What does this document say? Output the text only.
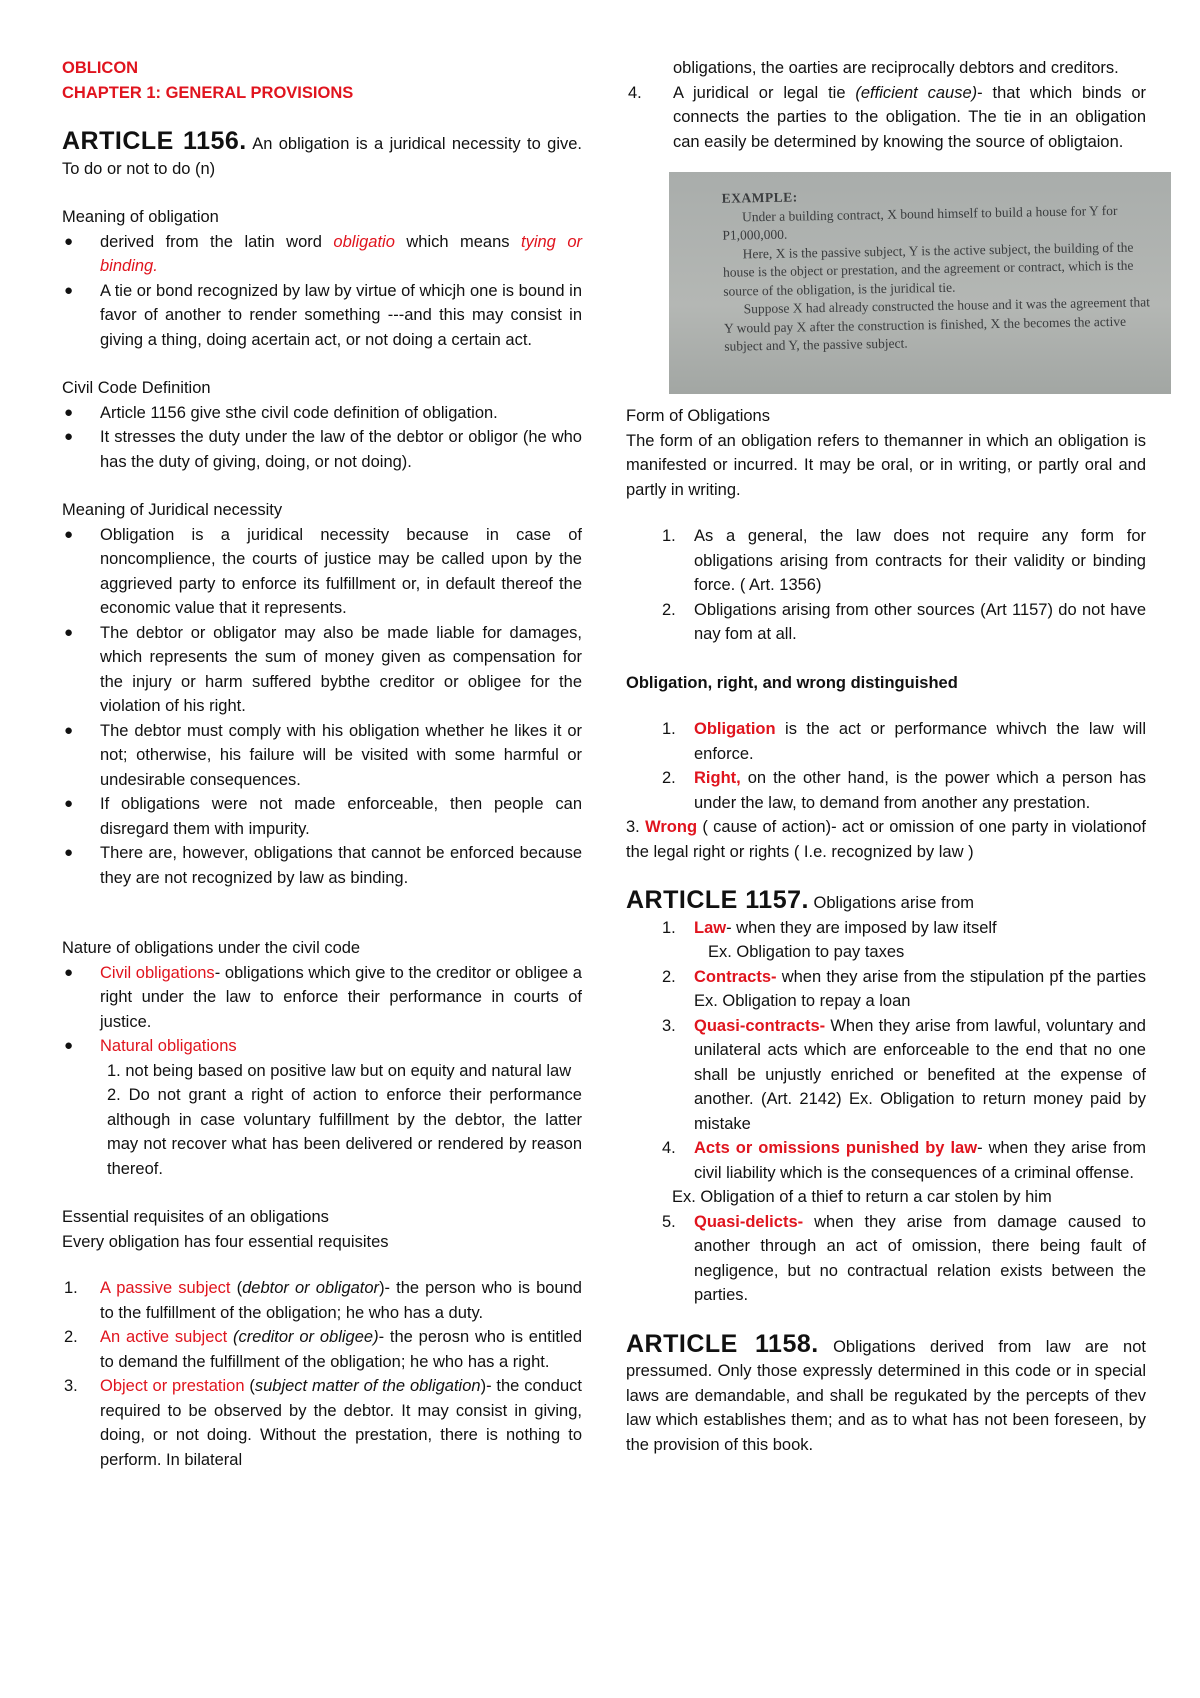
OBLICON
CHAPTER 1: GENERAL PROVISIONS
ARTICLE 1156. An obligation is a juridical necessity to give. To do or not to do (n)
Meaning of obligation
● derived from the latin word obligatio which means tying or binding.
● A tie or bond recognized by law by virtue of whicjh one is bound in favor of another to render something ---and this may consist in giving a thing, doing acertain act, or not doing a certain act.
Civil Code Definition
● Article 1156 give sthe civil code definition of obligation.
● It stresses the duty under the law of the debtor or obligor (he who has the duty of giving, doing, or not doing).
Meaning of Juridical necessity
● Obligation is a juridical necessity because in case of noncomplience, the courts of justice may be called upon by the aggrieved party to enforce its fulfillment or, in default thereof the economic value that it represents.
● The debtor or obligator may also be made liable for damages, which represents the sum of money given as compensation for the injury or harm suffered bybthe creditor or obligee for the violation of his right.
● The debtor must comply with his obligation whether he likes it or not; otherwise, his failure will be visited with some harmful or undesirable consequences.
● If obligations were not made enforceable, then people can disregard them with impurity.
● There are, however, obligations that cannot be enforced because they are not recognized by law as binding.
Nature of obligations under the civil code
● Civil obligations- obligations which give to the creditor or obligee a right under the law to enforce their performance in courts of justice.
● Natural obligations
1. not being based on positive law but on equity and natural law
2. Do not grant a right of action to enforce their performance although in case voluntary fulfillment by the debtor, the latter may not recover what has been delivered or rendered by reason thereof.
Essential requisites of an obligations
Every obligation has four essential requisites
1. A passive subject (debtor or obligator)- the person who is bound to the fulfillment of the obligation; he who has a duty.
2. An active subject (creditor or obligee)- the perosn who is entitled to demand the fulfillment of the obligation; he who has a right.
3. Object or prestation (subject matter of the obligation)- the conduct required to be observed by the debtor. It may consist in giving, doing, or not doing. Without the prestation, there is nothing to perform. In bilateral
obligations, the oarties are reciprocally debtors and creditors.
4. A juridical or legal tie (efficient cause)- that which binds or connects the parties to the obligation. The tie in an obligation can easily be determined by knowing the source of obligtaion.
EXAMPLE:

Under a building contract, X bound himself to build a house for Y for P1,000,000.

Here, X is the passive subject, Y is the active subject, the building of the house is the object or prestation, and the agreement or contract, which is the source of the obligation, is the juridical tie.

Suppose X had already constructed the house and it was the agreement that Y would pay X after the construction is finished, X the becomes the active subject and Y, the passive subject.

Form of Obligations
The form of an obligation refers to themanner in which an obligation is manifested or incurred. It may be oral, or in writing, or partly oral and partly in writing.
1. As a general, the law does not require any form for obligations arising from contracts for their validity or binding force. ( Art. 1356)
2. Obligations arising from other sources (Art 1157) do not have nay fom at all.
Obligation, right, and wrong distinguished
1. Obligation is the act or performance whivch the law will enforce.
2. Right, on the other hand, is the power which a person has under the law, to demand from another any prestation.
3. Wrong ( cause of action)- act or omission of one party in violationof the legal right or rights ( I.e. recognized by law )
ARTICLE 1157. Obligations arise from
1. Law- when they are imposed by law itself
Ex. Obligation to pay taxes
2. Contracts- when they arise from the stipulation pf the parties Ex. Obligation to repay a loan
3. Quasi-contracts- When they arise from lawful, voluntary and unilateral acts which are enforceable to the end that no one shall be unjustly enriched or benefited at the expense of another. (Art. 2142) Ex. Obligation to return money paid by mistake
4. Acts or omissions punished by law- when they arise from civil liability which is the consequences of a criminal offense.
Ex. Obligation of a thief to return a car stolen by him
5. Quasi-delicts- when they arise from damage caused to another through an act of omission, there being fault of negligence, but no contractual relation exists between the parties.
ARTICLE 1158. Obligations derived from law are not pressumed. Only those expressly determined in this code or in special laws are demandable, and shall be regukated by the percepts of thev law which establishes them; and as to what has not been foreseen, by the provision of this book.
